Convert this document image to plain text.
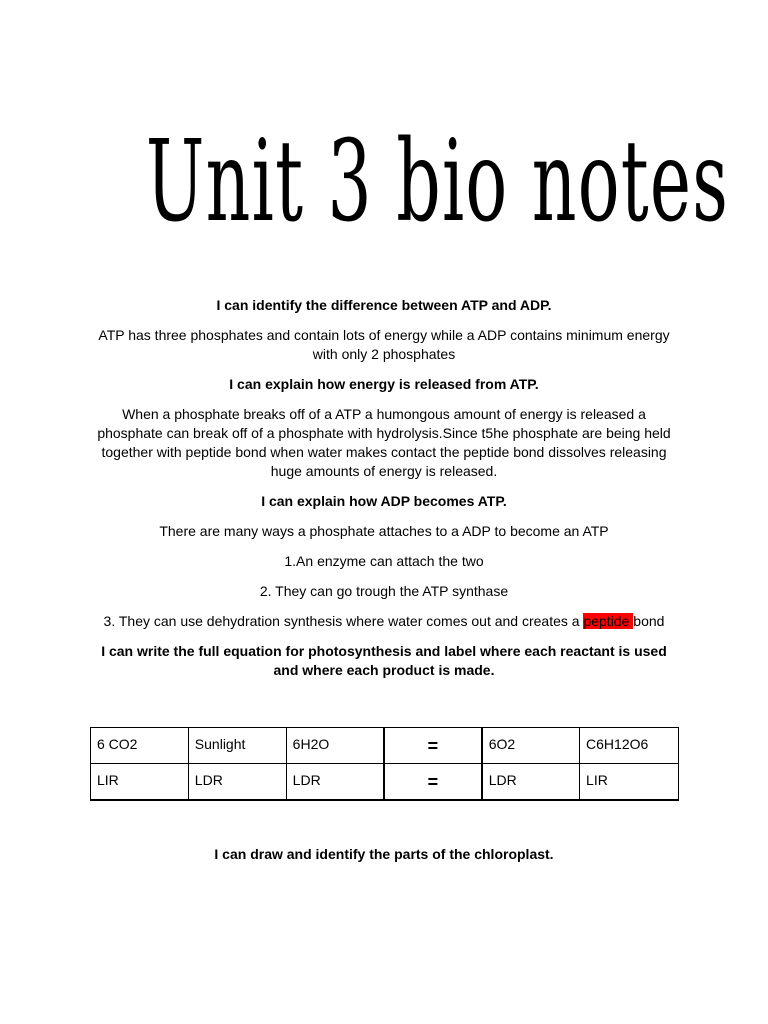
Unit 3 bio notes

I can identify the difference between ATP and ADP.

ATP has three phosphates and contain lots of energy while a ADP contains minimum energy with only 2 phosphates

I can explain how energy is released from ATP.

When a phosphate breaks off of a ATP a humongous amount of energy is released a phosphate can break off of a phosphate with hydrolysis.Since t5he phosphate are being held together with peptide bond when water makes contact the peptide bond dissolves releasing huge amounts of energy is released.

I can explain how ADP becomes ATP.

There are many ways a phosphate attaches to a ADP to become an ATP

1.An enzyme can attach the two

2. They can go trough the ATP synthase

3. They can use dehydration synthesis where water comes out and creates a peptide bond

I can write the full equation for photosynthesis and label where each reactant is used and where each product is made.

6 CO2	Sunlight	6H2O	=	6O2	C6H12O6
LIR	LDR	LDR	=	LDR	LIR
I can draw and identify the parts of the chloroplast.
